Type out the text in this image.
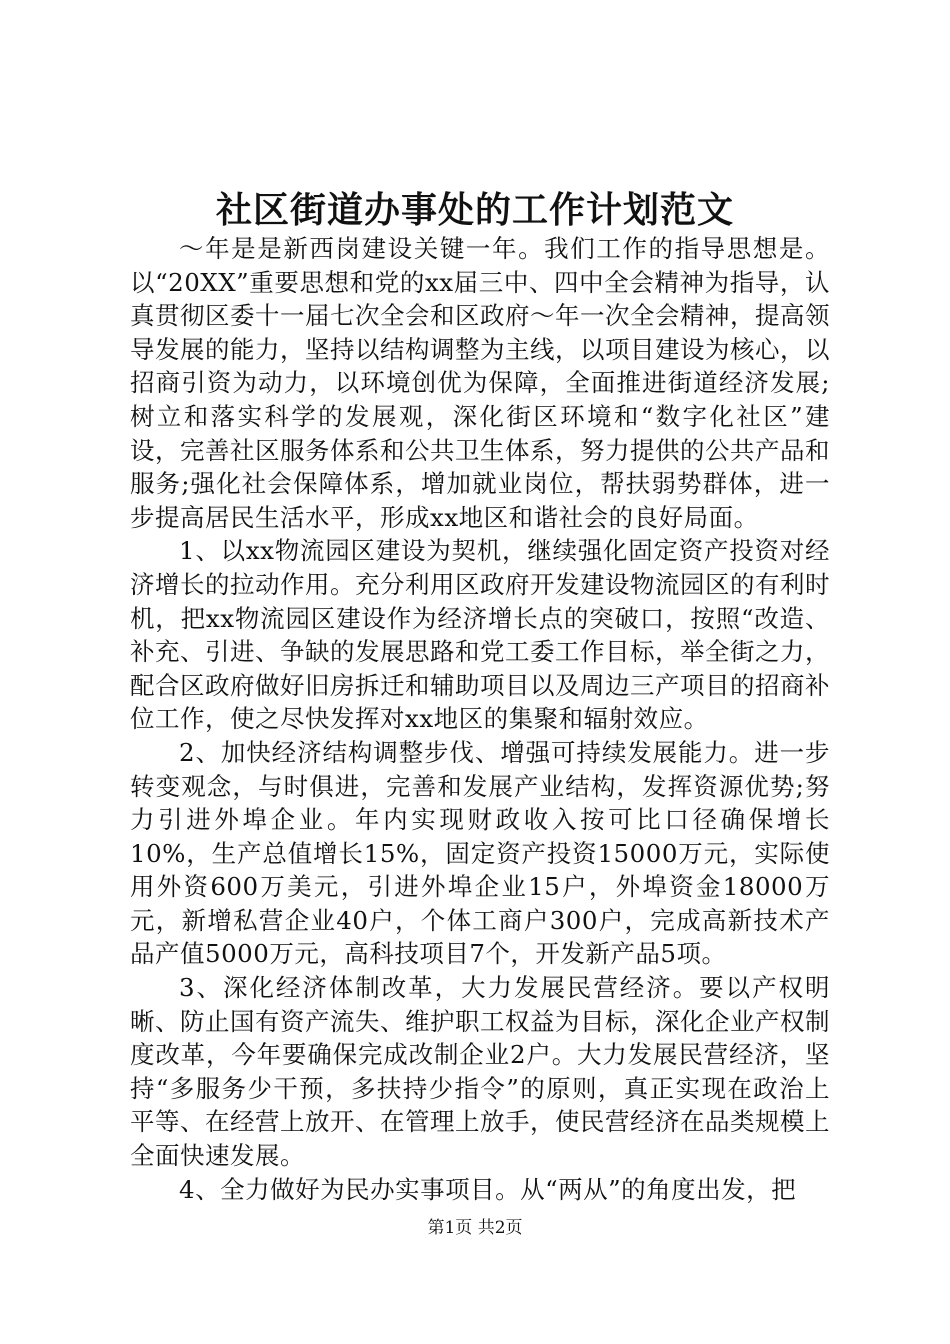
社区街道办事处的工作计划范文

～年是是新西岗建设关键一年。我们工作的指导思想是。以“20XX”重要思想和党的xx届三中、四中全会精神为指导，认真贯彻区委十一届七次全会和区政府～年一次全会精神，提高领导发展的能力，坚持以结构调整为主线，以项目建设为核心，以招商引资为动力，以环境创优为保障，全面推进街道经济发展;树立和落实科学的发展观，深化街区环境和“数字化社区”建设，完善社区服务体系和公共卫生体系，努力提供的公共产品和服务;强化社会保障体系，增加就业岗位，帮扶弱势群体，进一步提高居民生活水平，形成xx地区和谐社会的良好局面。

1、以xx物流园区建设为契机，继续强化固定资产投资对经济增长的拉动作用。充分利用区政府开发建设物流园区的有利时机，把xx物流园区建设作为经济增长点的突破口，按照“改造、补充、引进、争缺的发展思路和党工委工作目标，举全街之力，配合区政府做好旧房拆迁和辅助项目以及周边三产项目的招商补位工作，使之尽快发挥对xx地区的集聚和辐射效应。

2、加快经济结构调整步伐、增强可持续发展能力。进一步转变观念，与时俱进，完善和发展产业结构，发挥资源优势;努力引进外埠企业。年内实现财政收入按可比口径确保增长10%，生产总值增长15%，固定资产投资15000万元，实际使用外资600万美元，引进外埠企业15户，外埠资金18000万元，新增私营企业40户，个体工商户300户，完成高新技术产品产值5000万元，高科技项目7个，开发新产品5项。

3、深化经济体制改革，大力发展民营经济。要以产权明晰、防止国有资产流失、维护职工权益为目标，深化企业产权制度改革，今年要确保完成改制企业2户。大力发展民营经济，坚持“多服务少干预，多扶持少指令”的原则，真正实现在政治上平等、在经营上放开、在管理上放手，使民营经济在品类规模上全面快速发展。

4、全力做好为民办实事项目。从“两从”的角度出发，把

第1页 共2页
